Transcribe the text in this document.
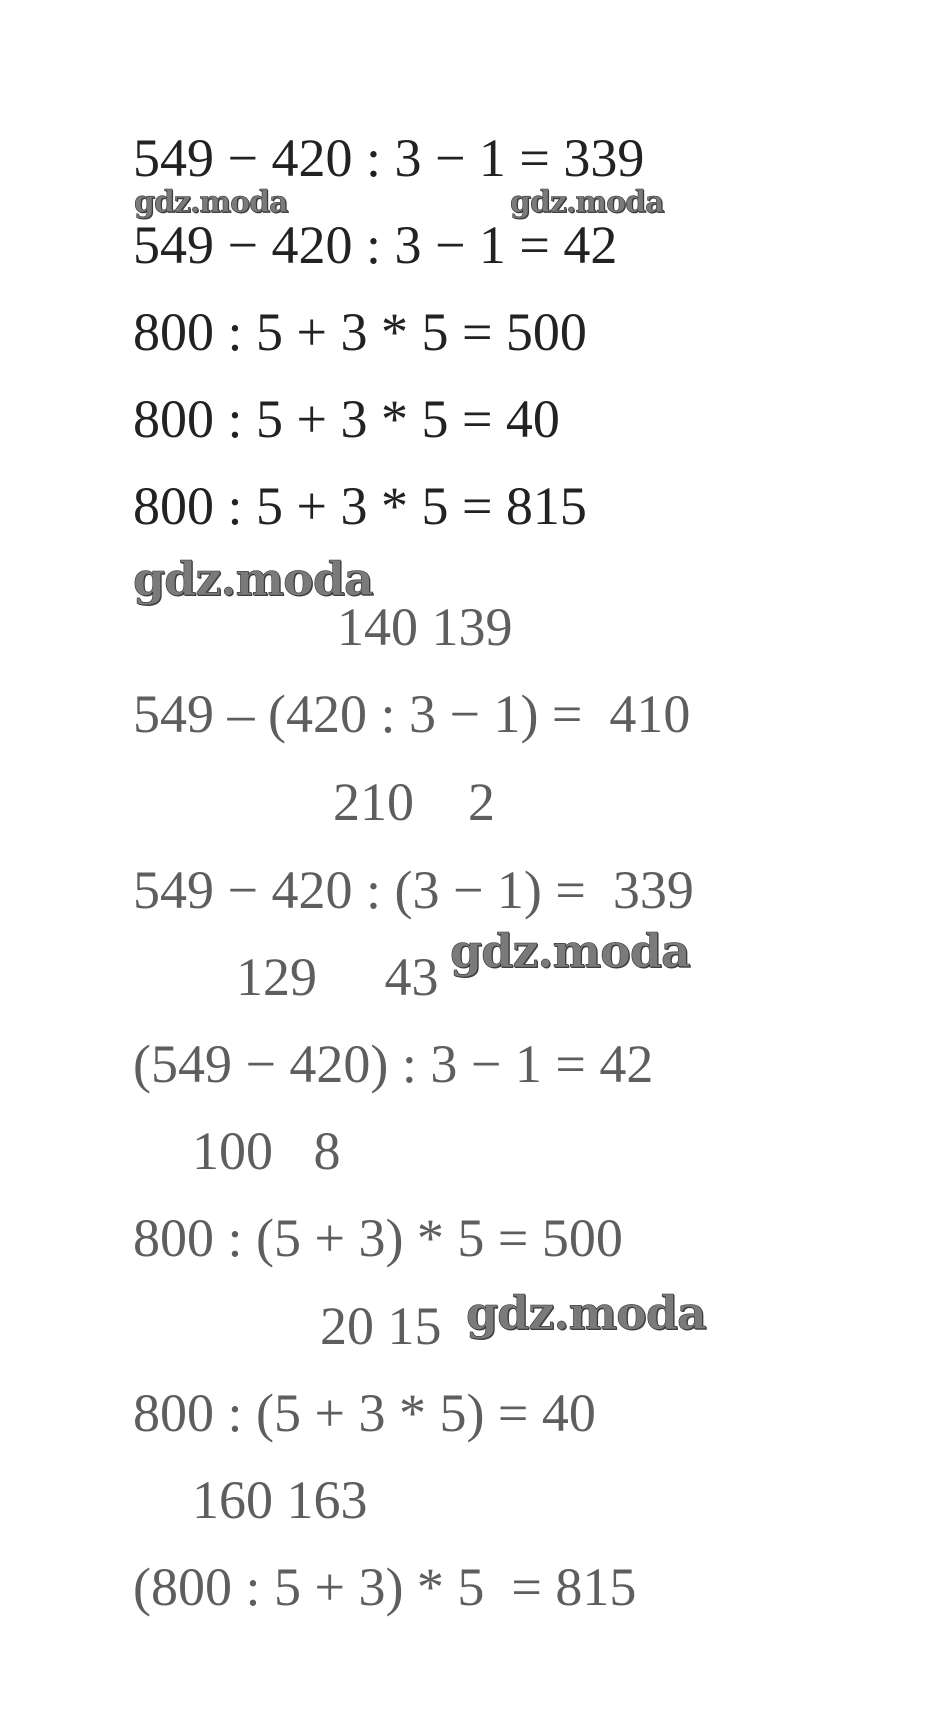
549 − 420 : 3 − 1 = 339

549 − 420 : 3 − 1 = 42

800 : 5 + 3 * 5 = 500

800 : 5 + 3 * 5 = 40

800 : 5 + 3 * 5 = 815

140 139

549 – (420 : 3 − 1) =  410

210    2

549 − 420 : (3 − 1) =  339

129     43

(549 − 420) : 3 − 1 = 42

100   8

800 : (5 + 3) * 5 = 500

20 15

800 : (5 + 3 * 5) = 40

160 163

(800 : 5 + 3) * 5  = 815

gdz.moda	gdz.moda
gdz.moda
gdz.moda
gdz.moda
